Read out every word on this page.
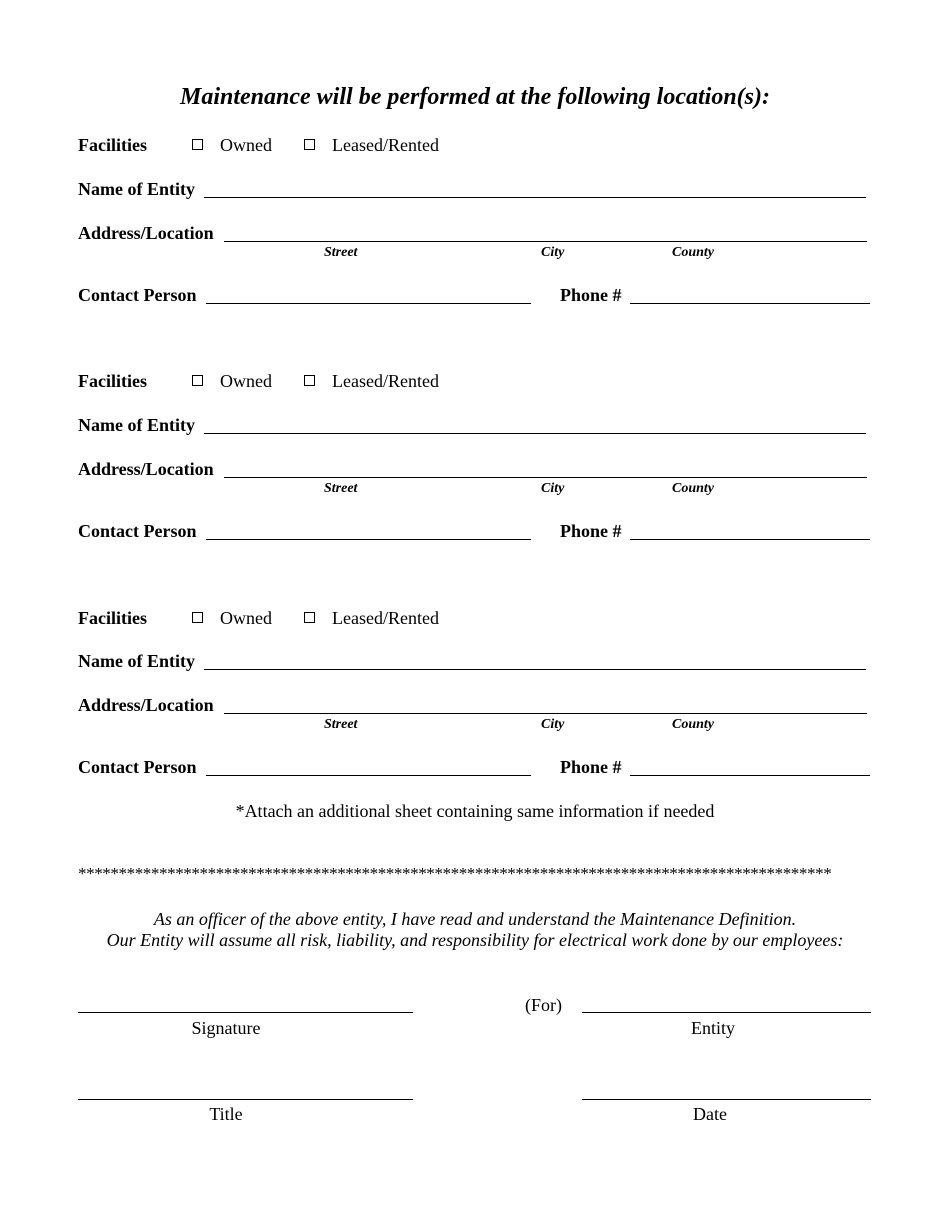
Maintenance will be performed at the following location(s):
Facilities	Owned	Leased/Rented
Name of Entity
Address/Location
Street	City	County
Contact Person	Phone #
Facilities	Owned	Leased/Rented
Name of Entity
Address/Location
Street	City	County
Contact Person	Phone #
Facilities	Owned	Leased/Rented
Name of Entity
Address/Location
Street	City	County
Contact Person	Phone #
*Attach an additional sheet containing same information if needed
*********************************************************************************************
As an officer of the above entity, I have read and understand the Maintenance Definition.
Our Entity will assume all risk, liability, and responsibility for electrical work done by our employees:
(For)
Signature	Entity
Title	Date
